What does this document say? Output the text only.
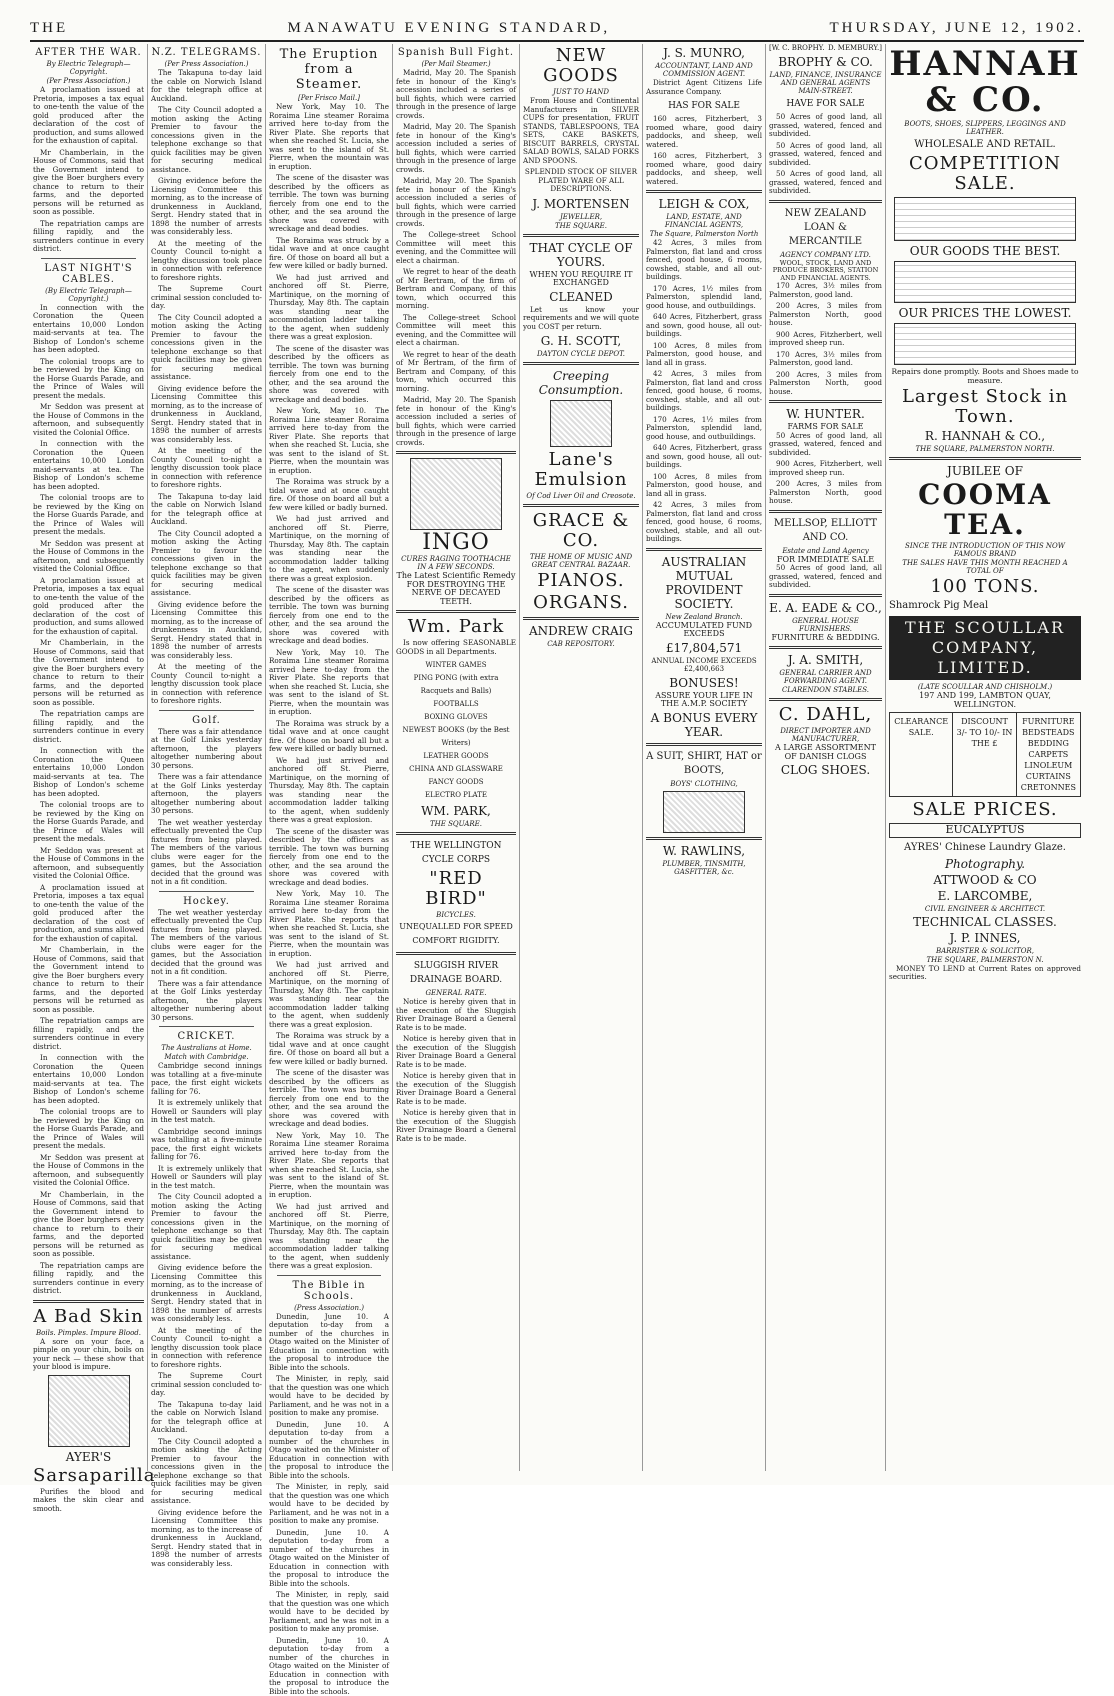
THE	MANAWATU EVENING STANDARD,	THURSDAY, JUNE 12, 1902.
AFTER THE WAR.
By Electric Telegraph—Copyright.
(Per Press Association.)

A proclamation issued at Pretoria, imposes a tax equal to one-tenth the value of the gold produced after the declaration of the cost of production, and sums allowed for the exhaustion of capital.

Mr Chamberlain, in the House of Commons, said that the Government intend to give the Boer burghers every chance to return to their farms, and the deported persons will be returned as soon as possible.

The repatriation camps are filling rapidly, and the surrenders continue in every district.

LAST NIGHT'S CABLES.
(By Electric Telegraph—Copyright.)

In connection with the Coronation the Queen entertains 10,000 London maid-servants at tea. The Bishop of London's scheme has been adopted.

The colonial troops are to be reviewed by the King on the Horse Guards Parade, and the Prince of Wales will present the medals.

Mr Seddon was present at the House of Commons in the afternoon, and subsequently visited the Colonial Office.

In connection with the Coronation the Queen entertains 10,000 London maid-servants at tea. The Bishop of London's scheme has been adopted.

The colonial troops are to be reviewed by the King on the Horse Guards Parade, and the Prince of Wales will present the medals.

Mr Seddon was present at the House of Commons in the afternoon, and subsequently visited the Colonial Office.

A proclamation issued at Pretoria, imposes a tax equal to one-tenth the value of the gold produced after the declaration of the cost of production, and sums allowed for the exhaustion of capital.

Mr Chamberlain, in the House of Commons, said that the Government intend to give the Boer burghers every chance to return to their farms, and the deported persons will be returned as soon as possible.

The repatriation camps are filling rapidly, and the surrenders continue in every district.

In connection with the Coronation the Queen entertains 10,000 London maid-servants at tea. The Bishop of London's scheme has been adopted.

The colonial troops are to be reviewed by the King on the Horse Guards Parade, and the Prince of Wales will present the medals.

Mr Seddon was present at the House of Commons in the afternoon, and subsequently visited the Colonial Office.

A proclamation issued at Pretoria, imposes a tax equal to one-tenth the value of the gold produced after the declaration of the cost of production, and sums allowed for the exhaustion of capital.

Mr Chamberlain, in the House of Commons, said that the Government intend to give the Boer burghers every chance to return to their farms, and the deported persons will be returned as soon as possible.

The repatriation camps are filling rapidly, and the surrenders continue in every district.

In connection with the Coronation the Queen entertains 10,000 London maid-servants at tea. The Bishop of London's scheme has been adopted.

The colonial troops are to be reviewed by the King on the Horse Guards Parade, and the Prince of Wales will present the medals.

Mr Seddon was present at the House of Commons in the afternoon, and subsequently visited the Colonial Office.

Mr Chamberlain, in the House of Commons, said that the Government intend to give the Boer burghers every chance to return to their farms, and the deported persons will be returned as soon as possible.

The repatriation camps are filling rapidly, and the surrenders continue in every district.

A Bad Skin
Boils. Pimples. Impure Blood.

A sore on your face, a pimple on your chin, boils on your neck — these show that your blood is impure.

AYER'S
Sarsaparilla

Purifies the blood and makes the skin clear and smooth.

N.Z. TELEGRAMS.
(Per Press Association.)

The Takapuna to-day laid the cable on Norwich Island for the telegraph office at Auckland.

The City Council adopted a motion asking the Acting Premier to favour the concessions given in the telephone exchange so that quick facilities may be given for securing medical assistance.

Giving evidence before the Licensing Committee this morning, as to the increase of drunkenness in Auckland, Sergt. Hendry stated that in 1898 the number of arrests was considerably less.

At the meeting of the County Council to-night a lengthy discussion took place in connection with reference to foreshore rights.

The Supreme Court criminal session concluded to-day.

The City Council adopted a motion asking the Acting Premier to favour the concessions given in the telephone exchange so that quick facilities may be given for securing medical assistance.

Giving evidence before the Licensing Committee this morning, as to the increase of drunkenness in Auckland, Sergt. Hendry stated that in 1898 the number of arrests was considerably less.

At the meeting of the County Council to-night a lengthy discussion took place in connection with reference to foreshore rights.

The Takapuna to-day laid the cable on Norwich Island for the telegraph office at Auckland.

The City Council adopted a motion asking the Acting Premier to favour the concessions given in the telephone exchange so that quick facilities may be given for securing medical assistance.

Giving evidence before the Licensing Committee this morning, as to the increase of drunkenness in Auckland, Sergt. Hendry stated that in 1898 the number of arrests was considerably less.

At the meeting of the County Council to-night a lengthy discussion took place in connection with reference to foreshore rights.

Golf.

There was a fair attendance at the Golf Links yesterday afternoon, the players altogether numbering about 30 persons.

There was a fair attendance at the Golf Links yesterday afternoon, the players altogether numbering about 30 persons.

The wet weather yesterday effectually prevented the Cup fixtures from being played. The members of the various clubs were eager for the games, but the Association decided that the ground was not in a fit condition.

Hockey.

The wet weather yesterday effectually prevented the Cup fixtures from being played. The members of the various clubs were eager for the games, but the Association decided that the ground was not in a fit condition.

There was a fair attendance at the Golf Links yesterday afternoon, the players altogether numbering about 30 persons.

CRICKET.
The Australians at Home.
Match with Cambridge.

Cambridge second innings was totalling at a five-minute pace, the first eight wickets falling for 76.

It is extremely unlikely that Howell or Saunders will play in the test match.

Cambridge second innings was totalling at a five-minute pace, the first eight wickets falling for 76.

It is extremely unlikely that Howell or Saunders will play in the test match.

The City Council adopted a motion asking the Acting Premier to favour the concessions given in the telephone exchange so that quick facilities may be given for securing medical assistance.

Giving evidence before the Licensing Committee this morning, as to the increase of drunkenness in Auckland, Sergt. Hendry stated that in 1898 the number of arrests was considerably less.

At the meeting of the County Council to-night a lengthy discussion took place in connection with reference to foreshore rights.

The Supreme Court criminal session concluded to-day.

The Takapuna to-day laid the cable on Norwich Island for the telegraph office at Auckland.

The City Council adopted a motion asking the Acting Premier to favour the concessions given in the telephone exchange so that quick facilities may be given for securing medical assistance.

Giving evidence before the Licensing Committee this morning, as to the increase of drunkenness in Auckland, Sergt. Hendry stated that in 1898 the number of arrests was considerably less.

The Eruption from a Steamer.
[Per Frisco Mail.]

New York, May 10. The Roraima Line steamer Roraima arrived here to-day from the River Plate. She reports that when she reached St. Lucia, she was sent to the island of St. Pierre, when the mountain was in eruption.

The scene of the disaster was described by the officers as terrible. The town was burning fiercely from one end to the other, and the sea around the shore was covered with wreckage and dead bodies.

The Roraima was struck by a tidal wave and at once caught fire. Of those on board all but a few were killed or badly burned.

We had just arrived and anchored off St. Pierre, Martinique, on the morning of Thursday, May 8th. The captain was standing near the accommodation ladder talking to the agent, when suddenly there was a great explosion.

The scene of the disaster was described by the officers as terrible. The town was burning fiercely from one end to the other, and the sea around the shore was covered with wreckage and dead bodies.

New York, May 10. The Roraima Line steamer Roraima arrived here to-day from the River Plate. She reports that when she reached St. Lucia, she was sent to the island of St. Pierre, when the mountain was in eruption.

The Roraima was struck by a tidal wave and at once caught fire. Of those on board all but a few were killed or badly burned.

We had just arrived and anchored off St. Pierre, Martinique, on the morning of Thursday, May 8th. The captain was standing near the accommodation ladder talking to the agent, when suddenly there was a great explosion.

The scene of the disaster was described by the officers as terrible. The town was burning fiercely from one end to the other, and the sea around the shore was covered with wreckage and dead bodies.

New York, May 10. The Roraima Line steamer Roraima arrived here to-day from the River Plate. She reports that when she reached St. Lucia, she was sent to the island of St. Pierre, when the mountain was in eruption.

The Roraima was struck by a tidal wave and at once caught fire. Of those on board all but a few were killed or badly burned.

We had just arrived and anchored off St. Pierre, Martinique, on the morning of Thursday, May 8th. The captain was standing near the accommodation ladder talking to the agent, when suddenly there was a great explosion.

The scene of the disaster was described by the officers as terrible. The town was burning fiercely from one end to the other, and the sea around the shore was covered with wreckage and dead bodies.

New York, May 10. The Roraima Line steamer Roraima arrived here to-day from the River Plate. She reports that when she reached St. Lucia, she was sent to the island of St. Pierre, when the mountain was in eruption.

We had just arrived and anchored off St. Pierre, Martinique, on the morning of Thursday, May 8th. The captain was standing near the accommodation ladder talking to the agent, when suddenly there was a great explosion.

The Roraima was struck by a tidal wave and at once caught fire. Of those on board all but a few were killed or badly burned.

The scene of the disaster was described by the officers as terrible. The town was burning fiercely from one end to the other, and the sea around the shore was covered with wreckage and dead bodies.

New York, May 10. The Roraima Line steamer Roraima arrived here to-day from the River Plate. She reports that when she reached St. Lucia, she was sent to the island of St. Pierre, when the mountain was in eruption.

We had just arrived and anchored off St. Pierre, Martinique, on the morning of Thursday, May 8th. The captain was standing near the accommodation ladder talking to the agent, when suddenly there was a great explosion.

The Bible in Schools.
(Press Association.)

Dunedin, June 10. A deputation to-day from a number of the churches in Otago waited on the Minister of Education in connection with the proposal to introduce the Bible into the schools.

The Minister, in reply, said that the question was one which would have to be decided by Parliament, and he was not in a position to make any promise.

Dunedin, June 10. A deputation to-day from a number of the churches in Otago waited on the Minister of Education in connection with the proposal to introduce the Bible into the schools.

The Minister, in reply, said that the question was one which would have to be decided by Parliament, and he was not in a position to make any promise.

Dunedin, June 10. A deputation to-day from a number of the churches in Otago waited on the Minister of Education in connection with the proposal to introduce the Bible into the schools.

The Minister, in reply, said that the question was one which would have to be decided by Parliament, and he was not in a position to make any promise.

Dunedin, June 10. A deputation to-day from a number of the churches in Otago waited on the Minister of Education in connection with the proposal to introduce the Bible into the schools.

Spanish Bull Fight.
(Per Mail Steamer.)

Madrid, May 20. The Spanish fete in honour of the King's accession included a series of bull fights, which were carried through in the presence of large crowds.

Madrid, May 20. The Spanish fete in honour of the King's accession included a series of bull fights, which were carried through in the presence of large crowds.

Madrid, May 20. The Spanish fete in honour of the King's accession included a series of bull fights, which were carried through in the presence of large crowds.

The College-street School Committee will meet this evening, and the Committee will elect a chairman.

We regret to hear of the death of Mr Bertram, of the firm of Bertram and Company, of this town, which occurred this morning.

The College-street School Committee will meet this evening, and the Committee will elect a chairman.

We regret to hear of the death of Mr Bertram, of the firm of Bertram and Company, of this town, which occurred this morning.

Madrid, May 20. The Spanish fete in honour of the King's accession included a series of bull fights, which were carried through in the presence of large crowds.

INGO
CURES RAGING TOOTHACHE IN A FEW SECONDS.
The Latest Scientific Remedy
FOR DESTROYING THE NERVE OF DECAYED TEETH.
Wm. Park

Is now offering SEASONABLE GOODS in all Departments.

WINTER GAMES
PING PONG (with extra Racquets and Balls)
FOOTBALLS
BOXING GLOVES
NEWEST BOOKS (by the Best Writers)
LEATHER GOODS
CHINA AND GLASSWARE
FANCY GOODS
ELECTRO PLATE
WM. PARK,
THE SQUARE.
THE WELLINGTON CYCLE CORPS
"RED BIRD"
BICYCLES.
UNEQUALLED FOR SPEED COMFORT RIGIDITY.
SLUGGISH RIVER DRAINAGE BOARD.
GENERAL RATE.

Notice is hereby given that in the execution of the Sluggish River Drainage Board a General Rate is to be made.

Notice is hereby given that in the execution of the Sluggish River Drainage Board a General Rate is to be made.

Notice is hereby given that in the execution of the Sluggish River Drainage Board a General Rate is to be made.

Notice is hereby given that in the execution of the Sluggish River Drainage Board a General Rate is to be made.

NEW GOODS
JUST TO HAND

From House and Continental Manufacturers in SILVER CUPS for presentation, FRUIT STANDS, TABLESPOONS, TEA SETS, CAKE BASKETS, BISCUIT BARRELS, CRYSTAL SALAD BOWLS, SALAD FORKS AND SPOONS.

SPLENDID STOCK OF SILVER PLATED WARE OF ALL DESCRIPTIONS.

J. MORTENSEN
JEWELLER,
THE SQUARE.
THAT CYCLE OF YOURS.
WHEN YOU REQUIRE IT EXCHANGED
CLEANED

Let us know your requirements and we will quote you COST per return.

G. H. SCOTT,
DAYTON CYCLE DEPOT.
Creeping Consumption.
Lane's Emulsion
Of Cod Liver Oil and Creosote.
GRACE & CO.
THE HOME OF MUSIC AND GREAT CENTRAL BAZAAR.
PIANOS.
ORGANS.
ANDREW CRAIG
CAB REPOSITORY.
J. S. MUNRO,
ACCOUNTANT, LAND AND COMMISSION AGENT.

District Agent Citizens Life Assurance Company.

HAS FOR SALE

160 acres, Fitzherbert, 3 roomed whare, good dairy paddocks, and sheep, well watered.

160 acres, Fitzherbert, 3 roomed whare, good dairy paddocks, and sheep, well watered.

LEIGH & COX,
LAND, ESTATE, AND FINANCIAL AGENTS,
The Square, Palmerston North

42 Acres, 3 miles from Palmerston, flat land and cross fenced, good house, 6 rooms, cowshed, stable, and all out-buildings.

170 Acres, 1½ miles from Palmerston, splendid land, good house, and outbuildings.

640 Acres, Fitzherbert, grass and sown, good house, all out-buildings.

100 Acres, 8 miles from Palmerston, good house, and land all in grass.

42 Acres, 3 miles from Palmerston, flat land and cross fenced, good house, 6 rooms, cowshed, stable, and all out-buildings.

170 Acres, 1½ miles from Palmerston, splendid land, good house, and outbuildings.

640 Acres, Fitzherbert, grass and sown, good house, all out-buildings.

100 Acres, 8 miles from Palmerston, good house, and land all in grass.

42 Acres, 3 miles from Palmerston, flat land and cross fenced, good house, 6 rooms, cowshed, stable, and all out-buildings.

AUSTRALIAN MUTUAL PROVIDENT SOCIETY.
New Zealand Branch.
ACCUMULATED FUND EXCEEDS
£17,804,571
ANNUAL INCOME EXCEEDS £2,400,663
BONUSES!
ASSURE YOUR LIFE IN THE A.M.P. SOCIETY
A BONUS EVERY YEAR.
A SUIT, SHIRT, HAT or BOOTS,
BOYS' CLOTHING,
W. RAWLINS,
PLUMBER, TINSMITH, GASFITTER, &c.
[W. C. BROPHY. D. MEMBURY.]
BROPHY & CO.
LAND, FINANCE, INSURANCE AND GENERAL AGENTS MAIN-STREET.
HAVE FOR SALE

50 Acres of good land, all grassed, watered, fenced and subdivided.

50 Acres of good land, all grassed, watered, fenced and subdivided.

50 Acres of good land, all grassed, watered, fenced and subdivided.

NEW ZEALAND LOAN & MERCANTILE
AGENCY COMPANY LTD.
WOOL, STOCK, LAND AND PRODUCE BROKERS, STATION AND FINANCIAL AGENTS.

170 Acres, 3½ miles from Palmerston, good land.

200 Acres, 3 miles from Palmerston North, good house.

900 Acres, Fitzherbert, well improved sheep run.

170 Acres, 3½ miles from Palmerston, good land.

200 Acres, 3 miles from Palmerston North, good house.

W. HUNTER.
FARMS FOR SALE

50 Acres of good land, all grassed, watered, fenced and subdivided.

900 Acres, Fitzherbert, well improved sheep run.

200 Acres, 3 miles from Palmerston North, good house.

MELLSOP, ELLIOTT AND CO.
Estate and Land Agency
FOR IMMEDIATE SALE

50 Acres of good land, all grassed, watered, fenced and subdivided.

E. A. EADE & CO.,
GENERAL HOUSE FURNISHERS.
FURNITURE & BEDDING.
J. A. SMITH,
GENERAL CARRIER AND FORWARDING AGENT.
CLARENDON STABLES.
C. DAHL,
DIRECT IMPORTER AND MANUFACTURER,
A LARGE ASSORTMENT OF DANISH CLOGS
CLOG SHOES.
HANNAH & CO.
BOOTS, SHOES, SLIPPERS, LEGGINGS AND LEATHER.
WHOLESALE AND RETAIL.
COMPETITION SALE.
OUR GOODS THE BEST.
OUR PRICES THE LOWEST.
Repairs done promptly. Boots and Shoes made to measure.
Largest Stock in Town.
R. HANNAH & CO.,
THE SQUARE, PALMERSTON NORTH.
JUBILEE OF
COOMA TEA.
SINCE THE INTRODUCTION OF THIS NOW FAMOUS BRAND
THE SALES HAVE THIS MONTH REACHED A TOTAL OF
100 TONS.
Shamrock Pig Meal
THE SCOULLAR COMPANY, LIMITED.
(LATE SCOULLAR AND CHISHOLM.)
197 AND 199, LAMBTON QUAY, WELLINGTON.
CLEARANCE SALE.
DISCOUNT 3/- TO 10/- IN THE £
FURNITURE BEDSTEADS BEDDING CARPETS LINOLEUM CURTAINS CRETONNES
SALE PRICES.
EUCALYPTUS
AYRES' Chinese Laundry Glaze.
Photography.
ATTWOOD & CO
E. LARCOMBE,
CIVIL ENGINEER & ARCHITECT.
TECHNICAL CLASSES.
J. P. INNES,
BARRISTER & SOLICITOR,
THE SQUARE, PALMERSTON N.

MONEY TO LEND at Current Rates on approved securities.
